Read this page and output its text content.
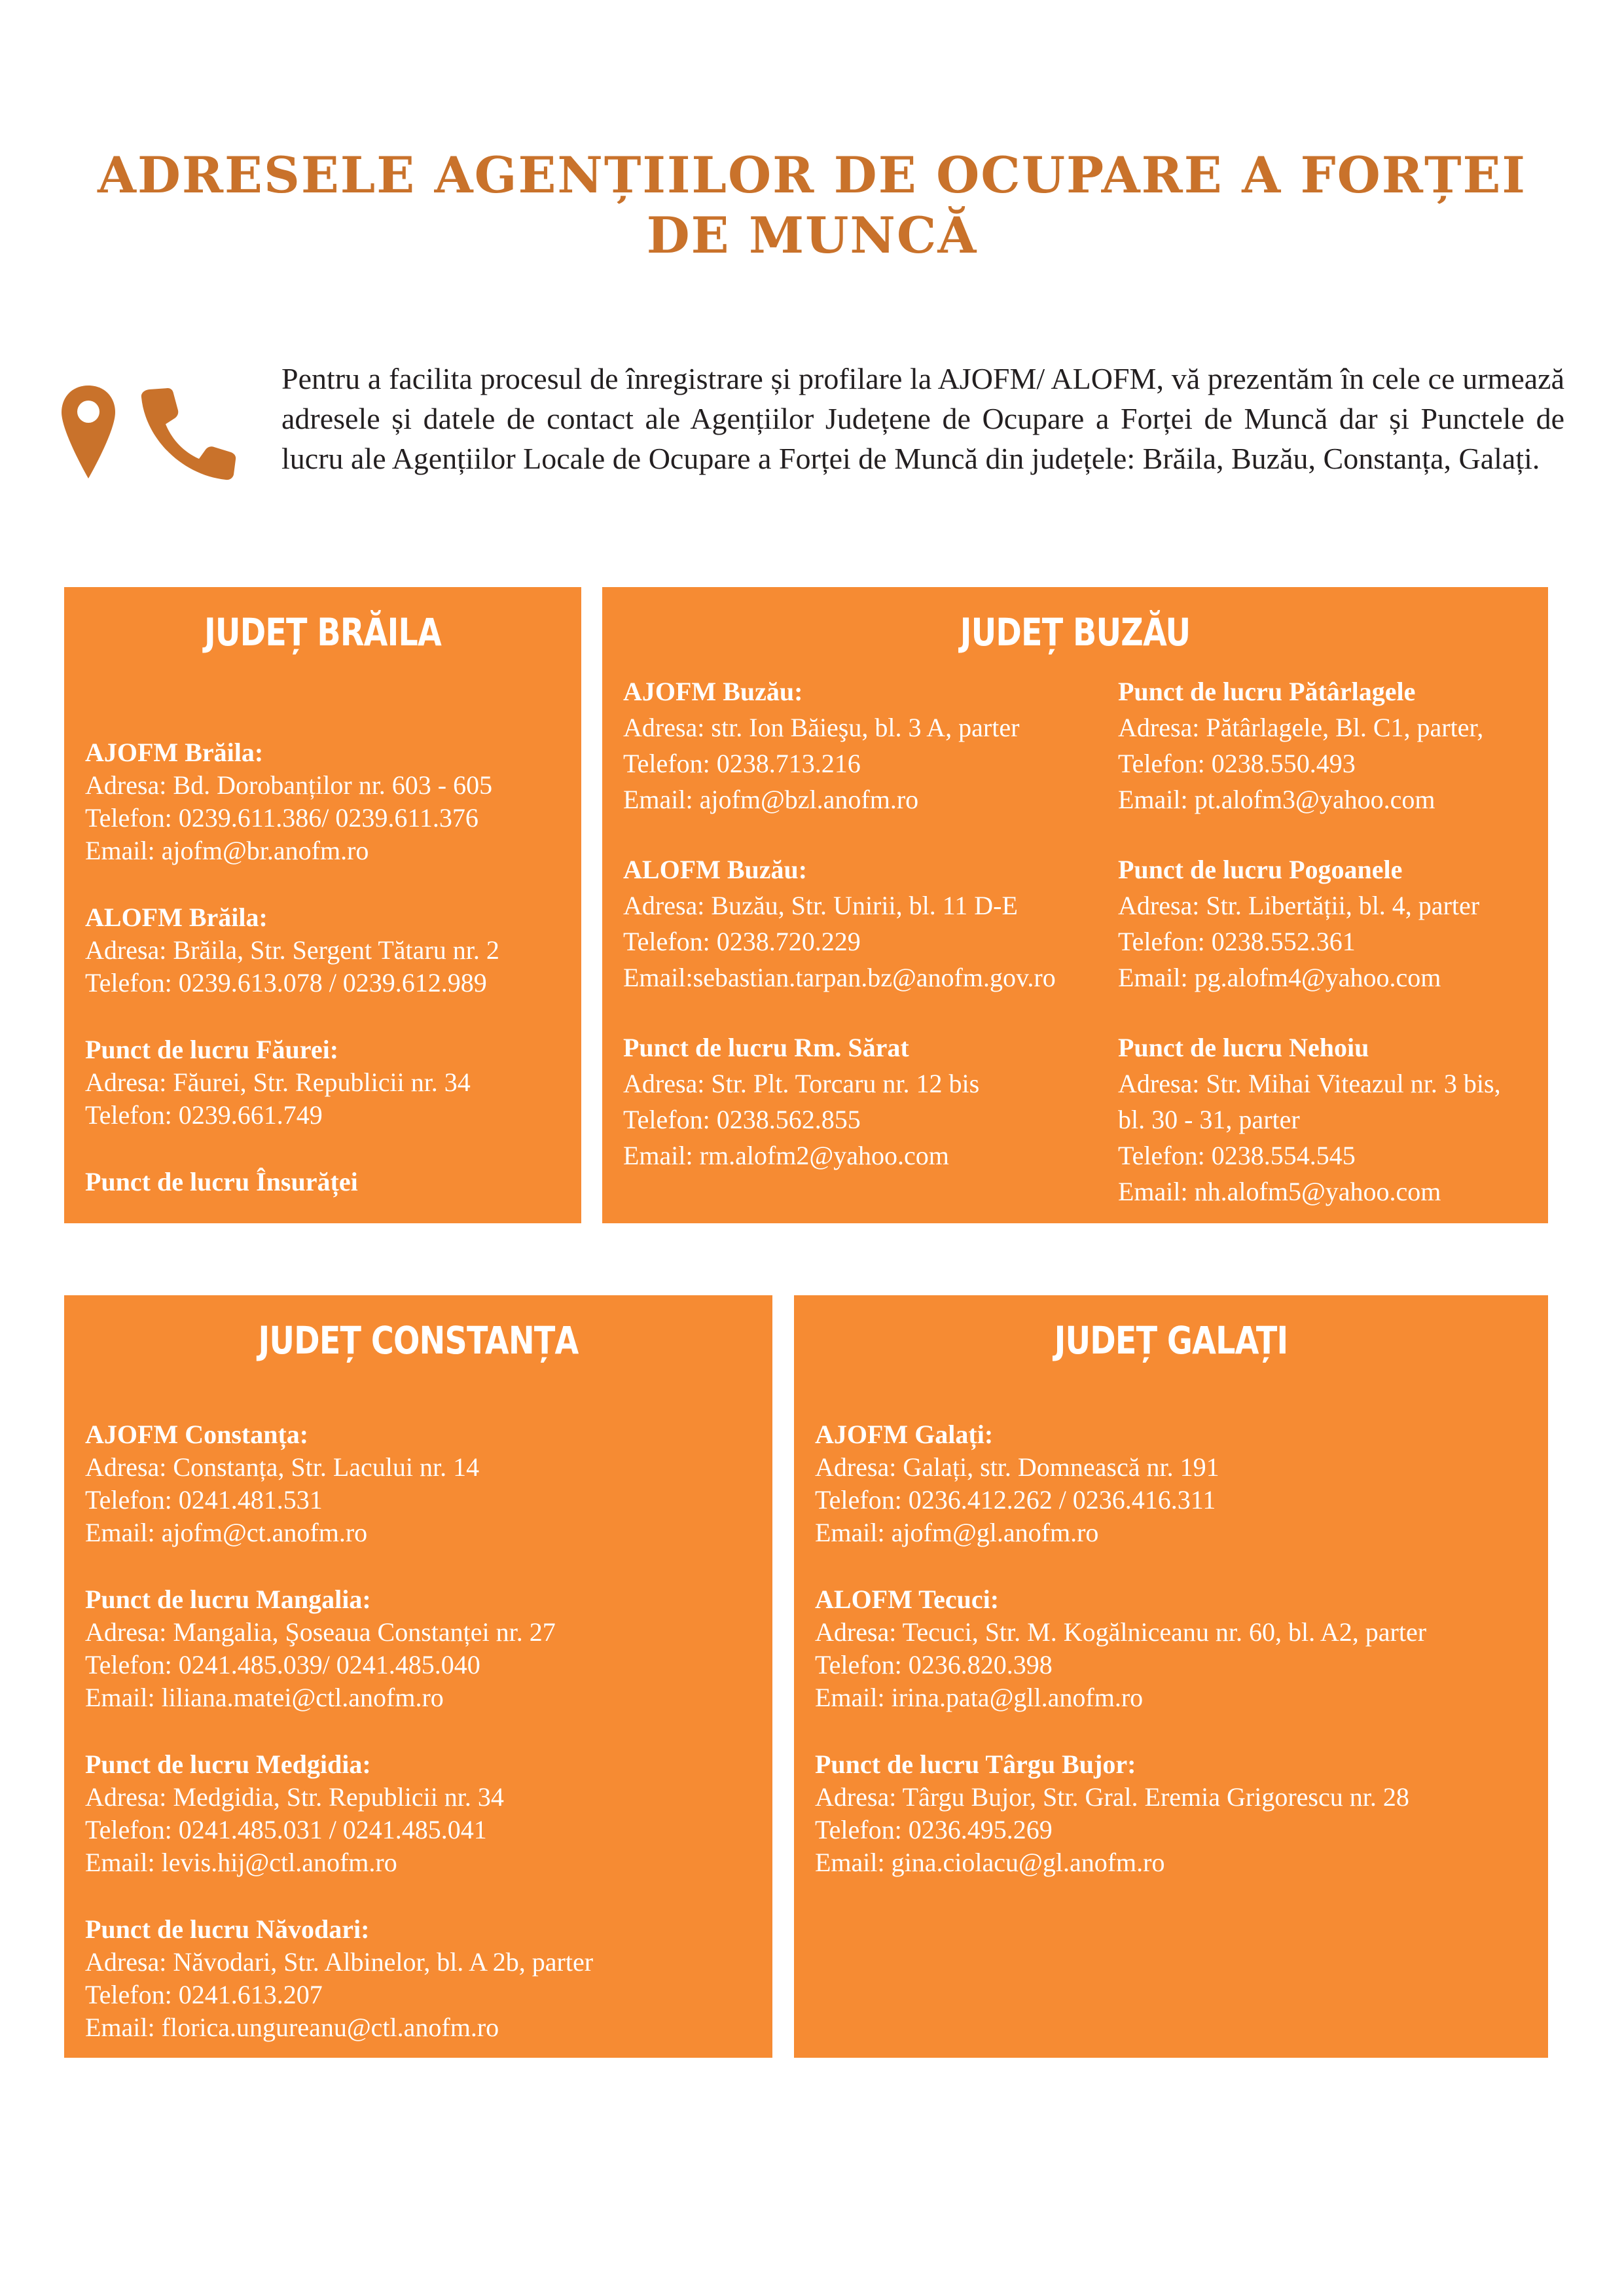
ADRESELE AGENȚIILOR DE OCUPARE A FORȚEI DE MUNCĂ
Pentru a facilita procesul de înregistrare și profilare la AJOFM/ ALOFM, vă prezentăm în cele ce urmează adresele și datele de contact ale Agențiilor Județene de Ocupare a Forței de Muncă dar și Punctele de lucru ale Agențiilor Locale de Ocupare a Forței de Muncă din județele: Brăila, Buzău, Constanța, Galați.
JUDEȚ BRĂILA
AJOFM Brăila:
Adresa: Bd. Dorobanților nr. 603 - 605
Telefon: 0239.611.386/ 0239.611.376
Email: ajofm@br.anofm.ro
ALOFM Brăila:
Adresa: Brăila, Str. Sergent Tătaru nr. 2
Telefon: 0239.613.078 / 0239.612.989
Punct de lucru Făurei:
Adresa: Făurei, Str. Republicii nr. 34
Telefon: 0239.661.749
Punct de lucru Însurăței
JUDEȚ BUZĂU
AJOFM Buzău:
Adresa: str. Ion Băieşu, bl. 3 A, parter
Telefon: 0238.713.216
Email: ajofm@bzl.anofm.ro
ALOFM Buzău:
Adresa: Buzău, Str. Unirii, bl. 11 D-E
Telefon: 0238.720.229
Email:sebastian.tarpan.bz@anofm.gov.ro
Punct de lucru Rm. Sărat
Adresa: Str. Plt. Torcaru nr. 12 bis
Telefon: 0238.562.855
Email: rm.alofm2@yahoo.com
Punct de lucru Pătârlagele
Adresa: Pătârlagele, Bl. C1, parter,
Telefon: 0238.550.493
Email: pt.alofm3@yahoo.com
Punct de lucru Pogoanele
Adresa: Str. Libertății, bl. 4, parter
Telefon: 0238.552.361
Email: pg.alofm4@yahoo.com
Punct de lucru Nehoiu
Adresa: Str. Mihai Viteazul nr. 3 bis,
bl. 30 - 31, parter
Telefon: 0238.554.545
Email: nh.alofm5@yahoo.com
JUDEȚ CONSTANȚA
AJOFM Constanța:
Adresa: Constanța, Str. Lacului nr. 14
Telefon: 0241.481.531
Email: ajofm@ct.anofm.ro
Punct de lucru Mangalia:
Adresa: Mangalia, Şoseaua Constanței nr. 27
Telefon: 0241.485.039/ 0241.485.040
Email: liliana.matei@ctl.anofm.ro
Punct de lucru Medgidia:
Adresa: Medgidia, Str. Republicii nr. 34
Telefon: 0241.485.031 / 0241.485.041
Email: levis.hij@ctl.anofm.ro
Punct de lucru Năvodari:
Adresa: Năvodari, Str. Albinelor, bl. A 2b, parter
Telefon: 0241.613.207
Email: florica.ungureanu@ctl.anofm.ro
JUDEȚ GALAȚI
AJOFM Galați:
Adresa: Galați, str. Domnească nr. 191
Telefon: 0236.412.262 / 0236.416.311
Email: ajofm@gl.anofm.ro
ALOFM Tecuci:
Adresa: Tecuci, Str. M. Kogălniceanu nr. 60, bl. A2, parter
Telefon: 0236.820.398
Email: irina.pata@gll.anofm.ro
Punct de lucru Târgu Bujor:
Adresa: Târgu Bujor, Str. Gral. Eremia Grigorescu nr. 28
Telefon: 0236.495.269
Email: gina.ciolacu@gl.anofm.ro
